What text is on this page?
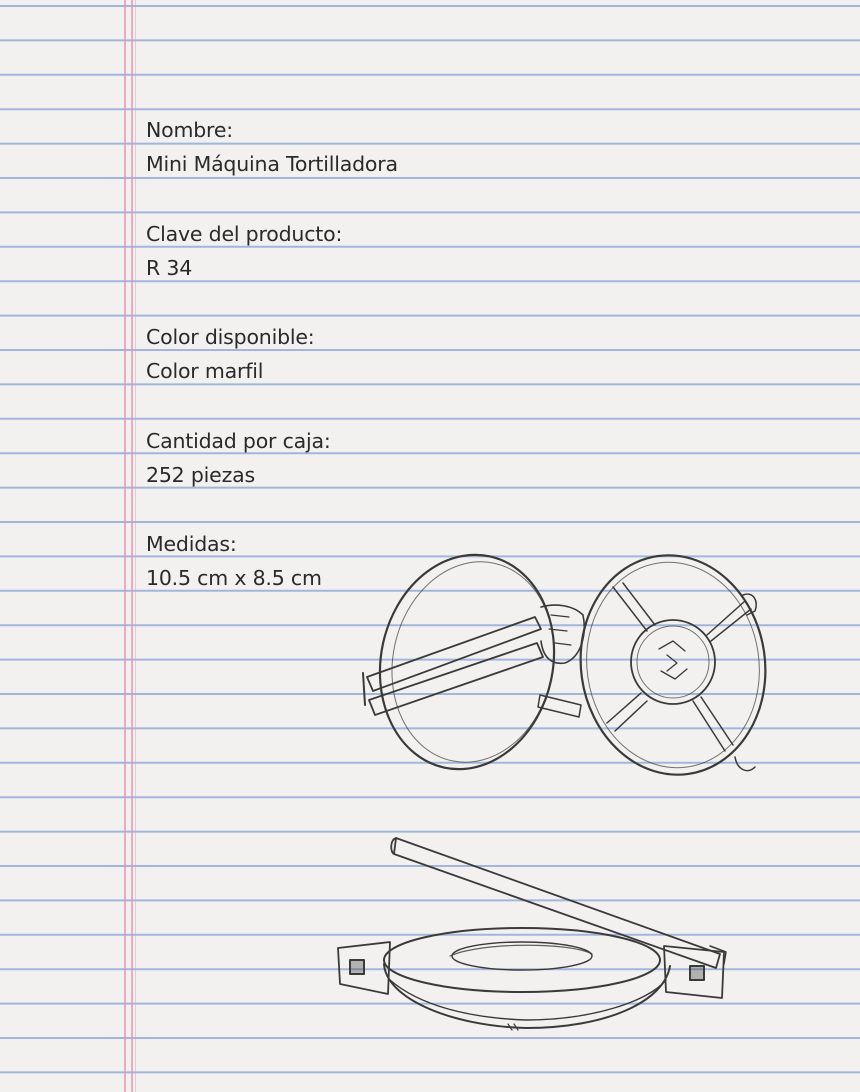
Nombre:
Mini Máquina Tortilladora
Clave del producto:
R 34
Color disponible:
Color marfil
Cantidad por caja:
252 piezas
Medidas:
10.5 cm x 8.5 cm
